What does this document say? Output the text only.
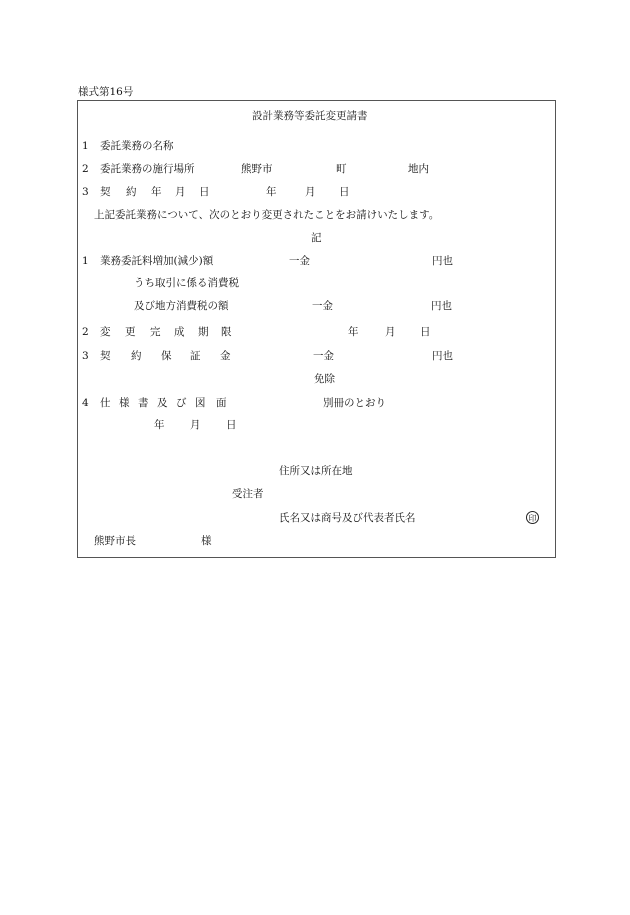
様式第16号
設計業務等委託変更請書
1 委託業務の名称
2 委託業務の施行場所	熊野市	町	地内
3 契 約 年 月 日	年	月 日
上記委託業務について、次のとおり変更されたことをお請けいたします。
記
1 業務委託料増加(減少)額	一金	円也
うち取引に係る消費税
及び地方消費税の額	一金	円也
2 変 更 完 成 期 限	年	月 日
3 契 約 保 証 金	一金	円也
免除
4 仕 様 書 及 び 図 面	別冊のとおり
年 月 日
住所又は所在地
受注者
氏名又は商号及び代表者氏名	印
熊野市長	様
